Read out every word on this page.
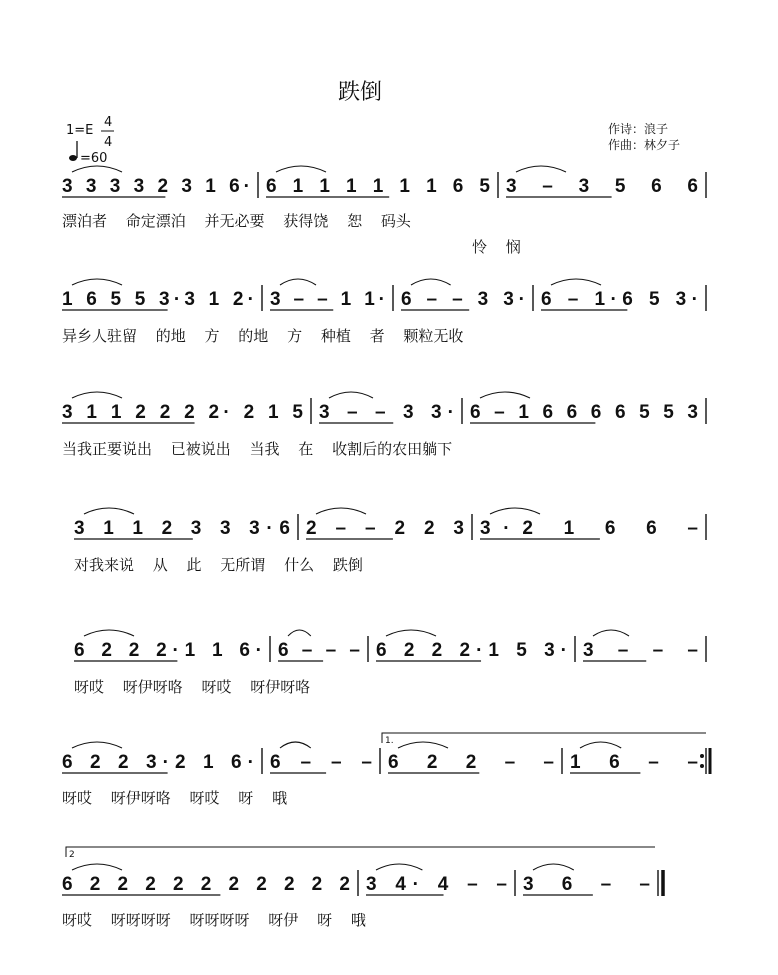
跌倒
1=E
4
4
=60
作诗：浪子
作曲：林夕子
3 3 3 3 2 3 1 6· 6 1 1 1 1 1 1 6 5 3 – 3 5 6 6
漂泊者 命定漂泊 并无必要 获得饶 恕 码头
怜 悯
1 6 5 5 3·3 1 2· 3 – – 1 1· 6 – – 3 3· 6 – 1·6 5 3·
异乡人驻留 的地 方 的地 方 种植 者 颗粒无收
3 1 1 2 2 2 2· 2 1 5 3 – – 3 3· 6 – 1 6 6 6 6 5 5 3
当我正要说出 已被说出 当我 在 收割后的农田躺下
3 1 1 2 3 3 3·6 2 – – 2 2 3 3·2 1 6 6 –
对我来说 从 此 无所谓 什么 跌倒
6 2 2 2·1 1 6· 6 – – – 6 2 2 2·1 5 3· 3 – – –
呀哎 呀伊呀咯 呀哎 呀伊呀咯
6 2 2 3·2 1 6· 6 – – – 6 2 2 – – 1 6 – –
1.
呀哎 呀伊呀咯 呀哎 呀 哦
6 2 2 2 2 2 2 2 2 2 2 3 4· 4 – – 3 6 – –
2
呀哎 呀呀呀呀 呀呀呀呀 呀伊 呀 哦
